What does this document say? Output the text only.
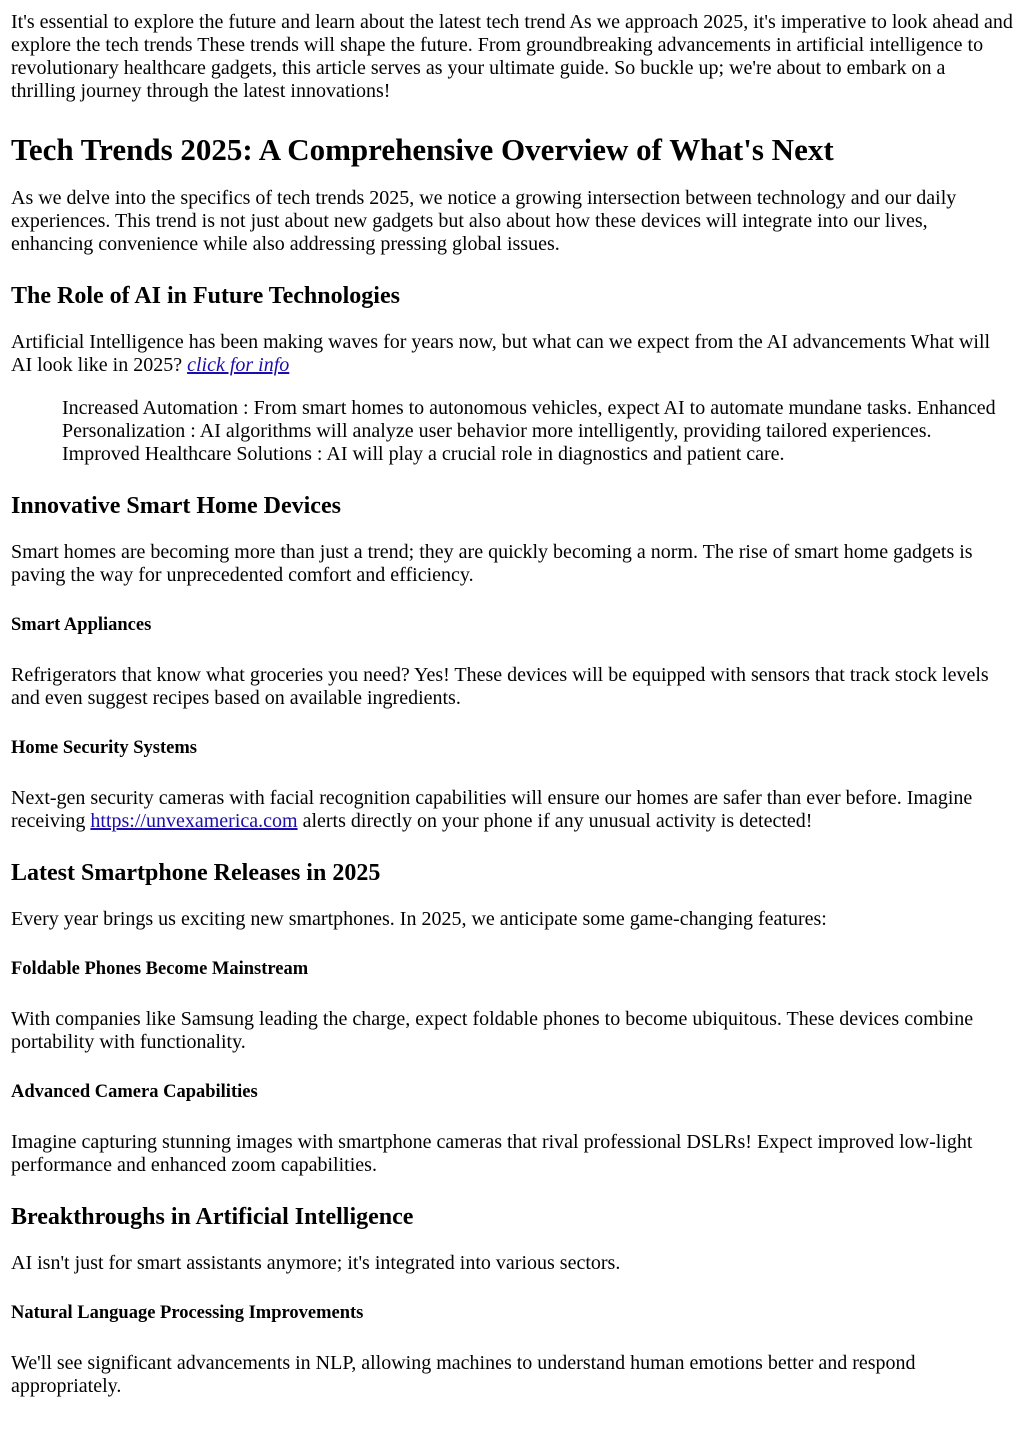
It's essential to explore the future and learn about the latest tech trend As we approach 2025, it's imperative to look ahead and explore the tech trends These trends will shape the future. From groundbreaking advancements in artificial intelligence to revolutionary healthcare gadgets, this article serves as your ultimate guide. So buckle up; we're about to embark on a thrilling journey through the latest innovations!

Tech Trends 2025: A Comprehensive Overview of What's Next

As we delve into the specifics of tech trends 2025, we notice a growing intersection between technology and our daily experiences. This trend is not just about new gadgets but also about how these devices will integrate into our lives, enhancing convenience while also addressing pressing global issues.

The Role of AI in Future Technologies

Artificial Intelligence has been making waves for years now, but what can we expect from the AI advancements What will AI look like in 2025? click for info

Increased Automation : From smart homes to autonomous vehicles, expect AI to automate mundane tasks. Enhanced Personalization : AI algorithms will analyze user behavior more intelligently, providing tailored experiences. Improved Healthcare Solutions : AI will play a crucial role in diagnostics and patient care.
Innovative Smart Home Devices

Smart homes are becoming more than just a trend; they are quickly becoming a norm. The rise of smart home gadgets is paving the way for unprecedented comfort and efficiency.

Smart Appliances

Refrigerators that know what groceries you need? Yes! These devices will be equipped with sensors that track stock levels and even suggest recipes based on available ingredients.

Home Security Systems

Next-gen security cameras with facial recognition capabilities will ensure our homes are safer than ever before. Imagine receiving https://unvexamerica.com alerts directly on your phone if any unusual activity is detected!

Latest Smartphone Releases in 2025

Every year brings us exciting new smartphones. In 2025, we anticipate some game-changing features:

Foldable Phones Become Mainstream

With companies like Samsung leading the charge, expect foldable phones to become ubiquitous. These devices combine portability with functionality.

Advanced Camera Capabilities

Imagine capturing stunning images with smartphone cameras that rival professional DSLRs! Expect improved low-light performance and enhanced zoom capabilities.

Breakthroughs in Artificial Intelligence

AI isn't just for smart assistants anymore; it's integrated into various sectors.

Natural Language Processing Improvements

We'll see significant advancements in NLP, allowing machines to understand human emotions better and respond appropriately.
